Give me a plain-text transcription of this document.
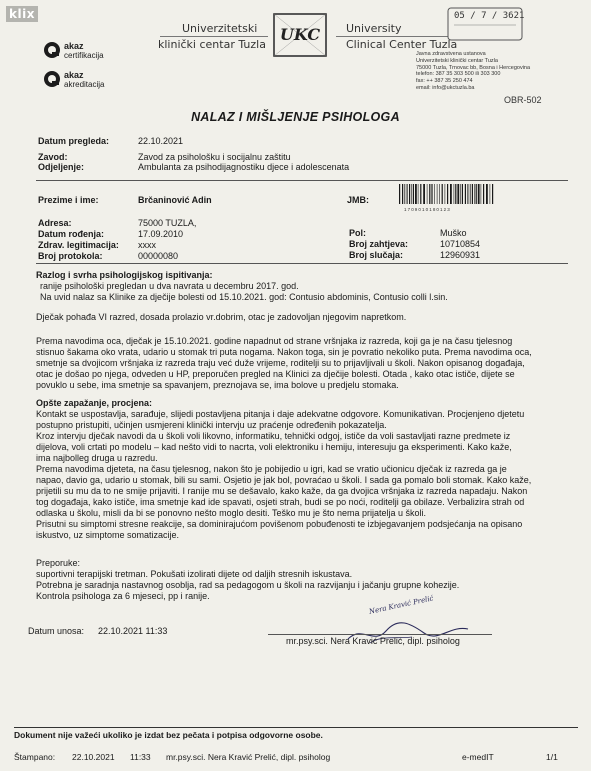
klix
Univerzitetski
klinički centar Tuzla
UKC	University
Clinical Center Tuzla
05 / 7 / 3621
akaz
certifikacija
akaz
akreditacija
Javna zdravstvena ustanova
Univerzitetski klinički centar Tuzla
75000 Tuzla, Trnovac bb, Bosna i Hercegovina
telefon: 387 35 303 500 ili 303 300
fax: ++ 387 35 250 474
email: info@ukctuzla.ba
OBR-502
NALAZ I MIŠLJENJE PSIHOLOGA
Datum pregleda:	22.10.2021
Zavod:	Zavod za psihološku i socijalnu zaštitu
Odjeljenje:	Ambulanta za psihodijagnostiku djece i adolescenata
Prezime i ime:	Brčaninović Adin	JMB:
1709010180123
Adresa:	75000 TUZLA,
Datum rođenja:	17.09.2010
Zdrav. legitimacija: xxxx
Broj protokola:	00000080
Pol:	Muško
Broj zahtjeva:	10710854
Broj slučaja:	12960931
Razlog i svrha psihologijskog ispitivanja:
ranije psihološki pregledan u dva navrata u decembru 2017. god.
Na uvid nalaz sa Klinike za dječije bolesti od 15.10.2021. god: Contusio abdominis, Contusio colli l.sin.
Dječak pohađa VI razred, dosada prolazio vr.dobrim, otac je zadovoljan njegovim napretkom.
Prema navodima oca, dječak je 15.10.2021. godine napadnut od strane vršnjaka iz razreda, koji ga je na času tjelesnog
stisnuo šakama oko vrata, udario u stomak tri puta nogama. Nakon toga, sin je povratio nekoliko puta. Prema navodima oca,
smetnje sa dvojicom vršnjaka iz razreda traju već duže vrijeme, roditelji su to prijavljivali u školi. Nakon opisanog događaja,
otac je došao po njega, odveden u HP, preporučen pregled na Klinici za dječije bolesti. Otada , kako otac ističe, dijete se
povuklo u sebe, ima smetnje sa spavanjem, preznojava se, ima bolove u predjelu stomaka.
Opšte zapažanje, procjena:
Kontakt se uspostavlja, sarađuje, slijedi postavljena pitanja i daje adekvatne odgovore. Komunikativan. Procjenjeno djetetu
postupno pristupiti, učinjen usmjereni klinički intervju uz praćenje određenih pokazatelja.
Kroz intervju dječak navodi da u školi voli likovno, informatiku, tehnički odgoj, ističe da voli sastavljati razne predmete iz
dijelova, voli crtati po modelu – kad nešto vidi to nacrta, voli elektroniku i hemiju, interesuju ga eksperimenti. Kako kaže,
ima najbolleg druga u razredu.
Prema navodima djeteta, na času tjelesnog, nakon što je pobijedio u igri, kad se vratio učionicu dječak iz razreda ga je
napao, davio ga, udario u stomak, bili su sami. Osjetio je jak bol, povraćao u školi. I sada ga pomalo boli stomak. Kako kaže,
prijetili su mu da to ne smije prijaviti. I ranije mu se dešavalo, kako kaže, da ga dvojica vršnjaka iz razreda napadaju. Nakon
tog događaja, kako ističe, ima smetnje kad ide spavati, osjeti strah, budi se po noći, roditelji ga obilaze. Verbalizira strah od
odlaska u školu, misli da bi se ponovno nešto moglo desiti. Teško mu je što nema prijatelja u školi.
Prisutni su simptomi stresne reakcije, sa dominirajućom povišenom pobuđenosti te izbjegavanjem podsjećanja na opisano
iskustvo, uz simptome somatizacije.
Preporuke:
suportivni terapijski tretman. Pokušati izolirati dijete od daljih stresnih iskustava.
Potrebna je saradnja nastavnog osoblja, rad sa pedagogom u školi na razvijanju i jačanju grupne kohezije.
Kontrola psihologa za 6 mjeseci, pp i ranije.
Datum unosa: 22.10.2021 11:33
Nera Kravić Prelić
mr.psy.sci. Nera Kravić Prelić, dipl. psiholog
Dokument nije važeći ukoliko je izdat bez pečata i potpisa odgovorne osobe.
Štampano: 22.10.2021 11:33 mr.psy.sci. Nera Kravić Prelić, dipl. psiholog	e-medIT	1/1
